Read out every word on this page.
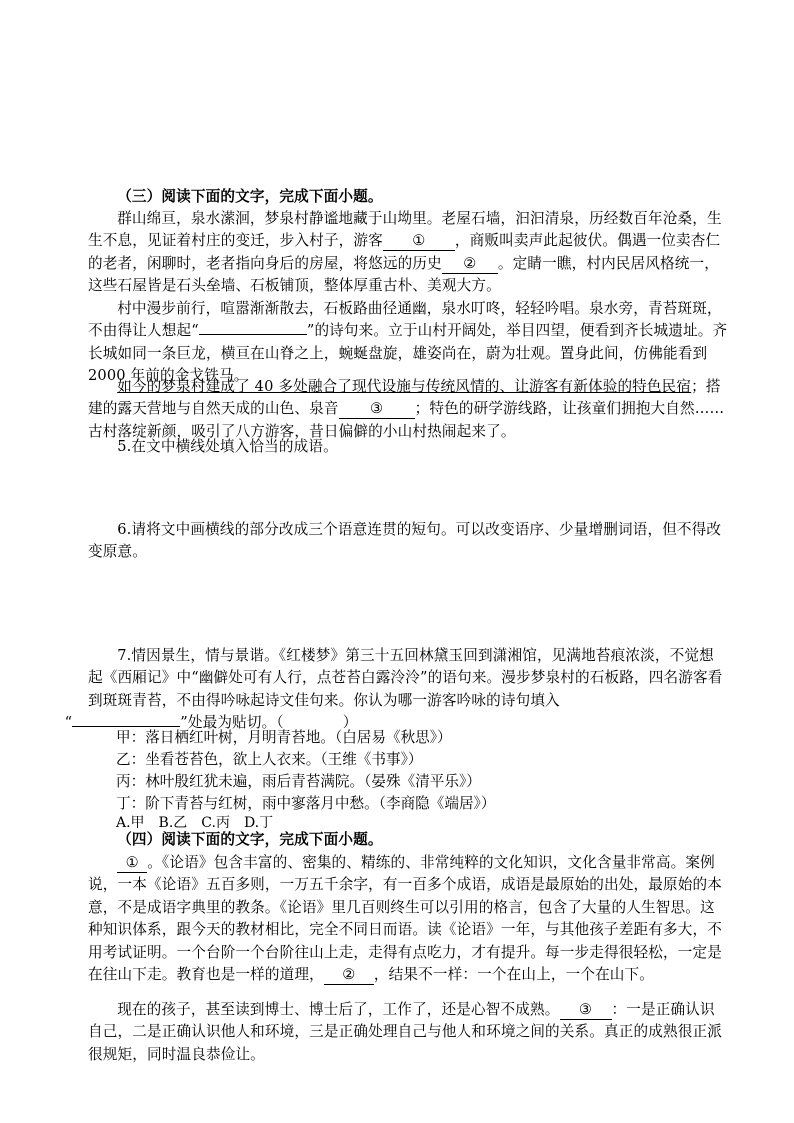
（三）阅读下面的文字，完成下面小题。

群山绵亘，泉水潆洄，梦泉村静谧地藏于山坳里。老屋石墙，汩汩清泉，历经数百年沧桑，生生不息，见证着村庄的变迁，步入村子，游客 ① ，商贩叫卖声此起彼伏。偶遇一位卖杏仁的老者，闲聊时，老者指向身后的房屋，将悠远的历史 ② 。定睛一瞧，村内民居风格统一，这些石屋皆是石头垒墙、石板铺顶，整体厚重古朴、美观大方。

村中漫步前行，喧嚣渐渐散去，石板路曲径通幽，泉水叮咚，轻轻吟唱。泉水旁，青苔斑斑，不由得让人想起“	”的诗句来。立于山村开阔处，举目四望，便看到齐长城遗址。齐长城如同一条巨龙，横亘在山脊之上，蜿蜒盘旋，雄姿尚在，蔚为壮观。置身此间，仿佛能看到 2000 年前的金戈铁马。

如今的梦泉村建成了 40 多处融合了现代设施与传统风情的、让游客有新体验的特色民宿；搭建的露天营地与自然天成的山色、泉音 ③ ；特色的研学游线路，让孩童们拥抱大自然……古村落绽新颜，吸引了八方游客，昔日偏僻的小山村热闹起来了。

5.在文中横线处填入恰当的成语。

6.请将文中画横线的部分改成三个语意连贯的短句。可以改变语序、少量增删词语，但不得改变原意。

7.情因景生，情与景谐。《红楼梦》第三十五回林黛玉回到潇湘馆，见满地苔痕浓淡，不觉想起《西厢记》中“幽僻处可有人行，点苍苔白露泠泠”的语句来。漫步梦泉村的石板路，四名游客看到斑斑青苔，不由得吟咏起诗文佳句来。你认为哪一游客吟咏的诗句填入
“	”处最为贴切。（　　　　）

甲：落日栖红叶树，月明青苔地。（白居易《秋思》）

乙：坐看苍苔色，欲上人衣来。（王维《书事》）

丙：林叶殷红犹未遍，雨后青苔满院。（晏殊《清平乐》）

丁：阶下青苔与红树，雨中寥落月中愁。（李商隐《端居》）

A.甲　B.乙　C.丙　D.丁

（四）阅读下面的文字，完成下面小题。

① 。《论语》包含丰富的、密集的、精练的、非常纯粹的文化知识，文化含量非常高。案例说，一本《论语》五百多则，一万五千余字，有一百多个成语，成语是最原始的出处，最原始的本意，不是成语字典里的教条。《论语》里几百则终生可以引用的格言，包含了大量的人生智思。这种知识体系，跟今天的教材相比，完全不同日而语。读《论语》一年，与其他孩子差距有多大，不用考试证明。一个台阶一个台阶往山上走，走得有点吃力，才有提升。每一步走得很轻松，一定是在往山下走。教育也是一样的道理， ② ，结果不一样：一个在山上，一个在山下。

现在的孩子，甚至读到博士、博士后了，工作了，还是心智不成熟。 ③ ：一是正确认识自己，二是正确认识他人和环境，三是正确处理自己与他人和环境之间的关系。真正的成熟很正派很规矩，同时温良恭俭让。
